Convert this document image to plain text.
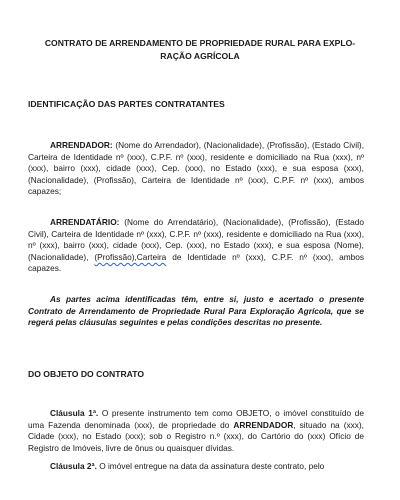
CONTRATO DE ARRENDAMENTO DE PROPRIEDADE RURAL PARA EXPLO-RAÇÃO AGRÍCOLA

IDENTIFICAÇÃO DAS PARTES CONTRATANTES

ARRENDADOR: (Nome do Arrendador), (Nacionalidade), (Profissão), (Estado Civil), Carteira de Identidade nº (xxx), C.P.F. nº (xxx), residente e domiciliado na Rua (xxx), nº (xxx), bairro (xxx), cidade (xxx), Cep. (xxx), no Estado (xxx), e sua esposa (xxx), (Nacionalidade), (Profissão), Carteira de Identidade nº (xxx), C.P.F. nº (xxx), ambos capazes;

ARRENDATÁRIO: (Nome do Arrendatário), (Nacionalidade), (Profissão), (Estado Civil), Carteira de Identidade nº (xxx), C.P.F. nº (xxx), residente e domiciliado na Rua (xxx), nº (xxx), bairro (xxx), cidade (xxx), Cep. (xxx), no Estado (xxx), e sua esposa (Nome), (Nacionalidade), (Profissão),Carteira de Identidade nº (xxx), C.P.F. nº (xxx), ambos capazes.

As partes acima identificadas têm, entre si, justo e acertado o presente Contrato de Arrendamento de Propriedade Rural Para Exploração Agrícola, que se regerá pelas cláusulas seguintes e pelas condições descritas no presente.

DO OBJETO DO CONTRATO

Cláusula 1ª. O presente instrumento tem como OBJETO, o imóvel constituído de uma Fazenda denominada (xxx), de propriedade do ARRENDADOR, situado na (xxx), Cidade (xxx), no Estado (xxx); sob o Registro n.º (xxx), do Cartório do (xxx) Ofício de Registro de Imóveis, livre de ônus ou quaisquer dívidas.

Cláusula 2ª. O imóvel entregue na data da assinatura deste contrato, pelo
